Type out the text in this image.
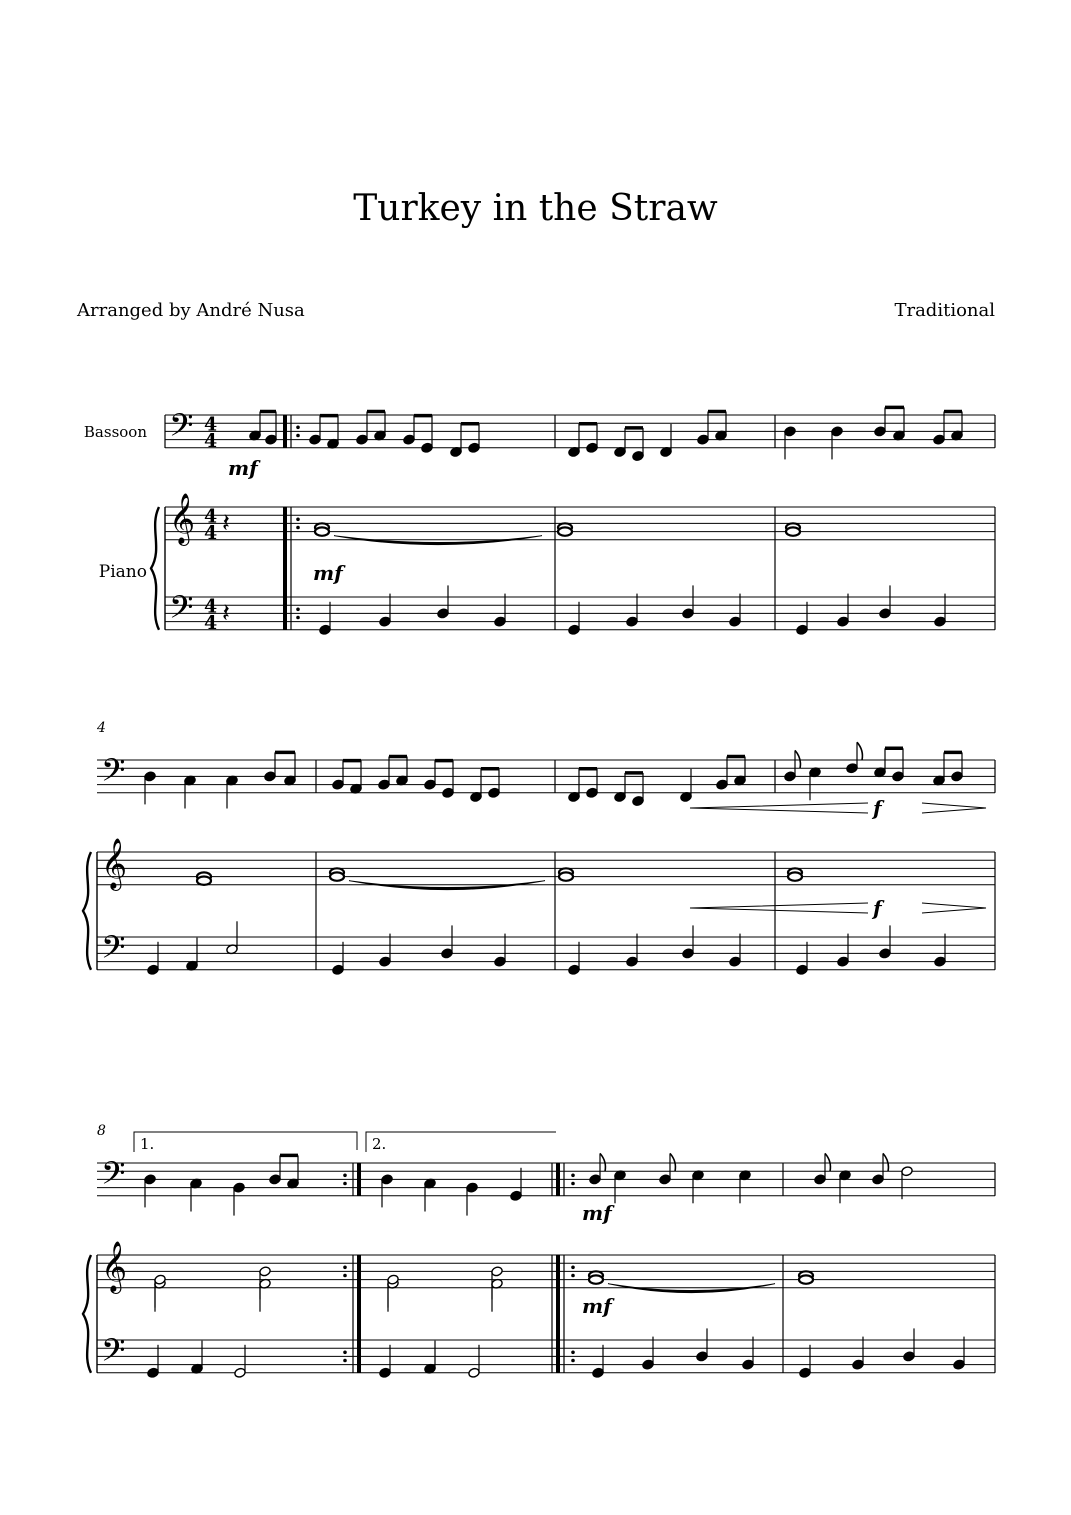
Turkey in the Straw
Arranged by André Nusa	Traditional
Bassoon
Piano
𝄢
𝄞
𝄢
4
4
4
4
4
4
mf
𝄽
𝄽
mf
𝄢
𝄞
𝄢
4
f
f
𝄢
𝄞
𝄢
8
1.	2.
mf
mf
